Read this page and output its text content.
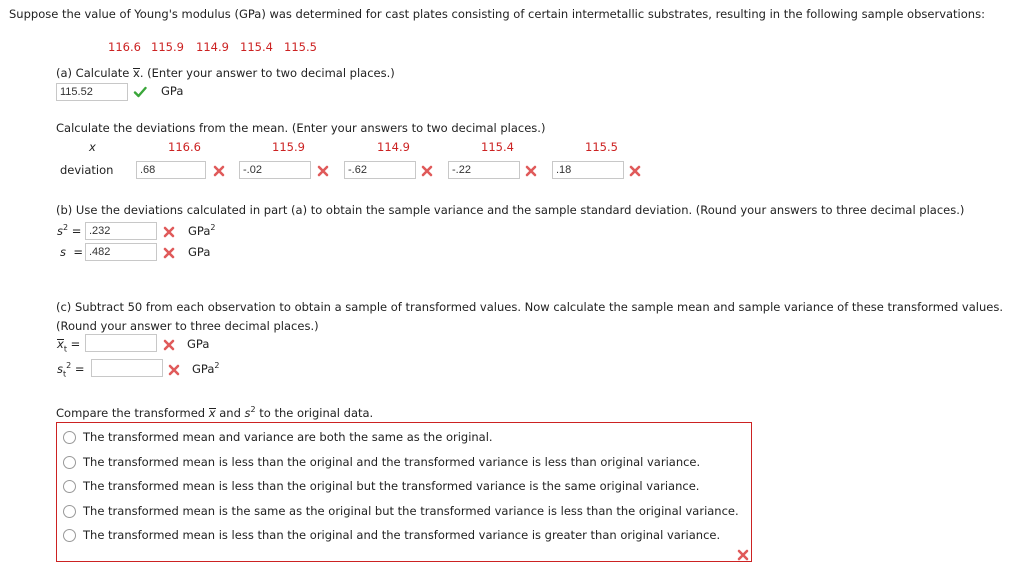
Suppose the value of Young's modulus (GPa) was determined for cast plates consisting of certain intermetallic substrates, resulting in the following sample observations:
116.6 115.9 114.9 115.4 115.5
(a) Calculate x. (Enter your answer to two decimal places.)
115.52	GPa
Calculate the deviations from the mean. (Enter your answers to two decimal places.)
x	116.6	115.9	114.9	115.4	115.5
deviation	.68	-.02	-.62	-.22	.18
(b) Use the deviations calculated in part (a) to obtain the sample variance and the sample standard deviation. (Round your answers to three decimal places.)
$s^2 = .232$	GPa$^2$
s = .482	GPa
(c) Subtract 50 from each observation to obtain a sample of transformed values. Now calculate the sample mean and sample variance of these transformed values.
(Round your answer to three decimal places.)
$x_t$ =	GPa
$s_t^2$ =	GPa$^2$
Compare the transformed x and $s^2$ to the original data.
The transformed mean and variance are both the same as the original.
The transformed mean is less than the original and the transformed variance is less than original variance.
The transformed mean is less than the original but the transformed variance is the same original variance.
The transformed mean is the same as the original but the transformed variance is less than the original variance.
The transformed mean is less than the original and the transformed variance is greater than original variance.
